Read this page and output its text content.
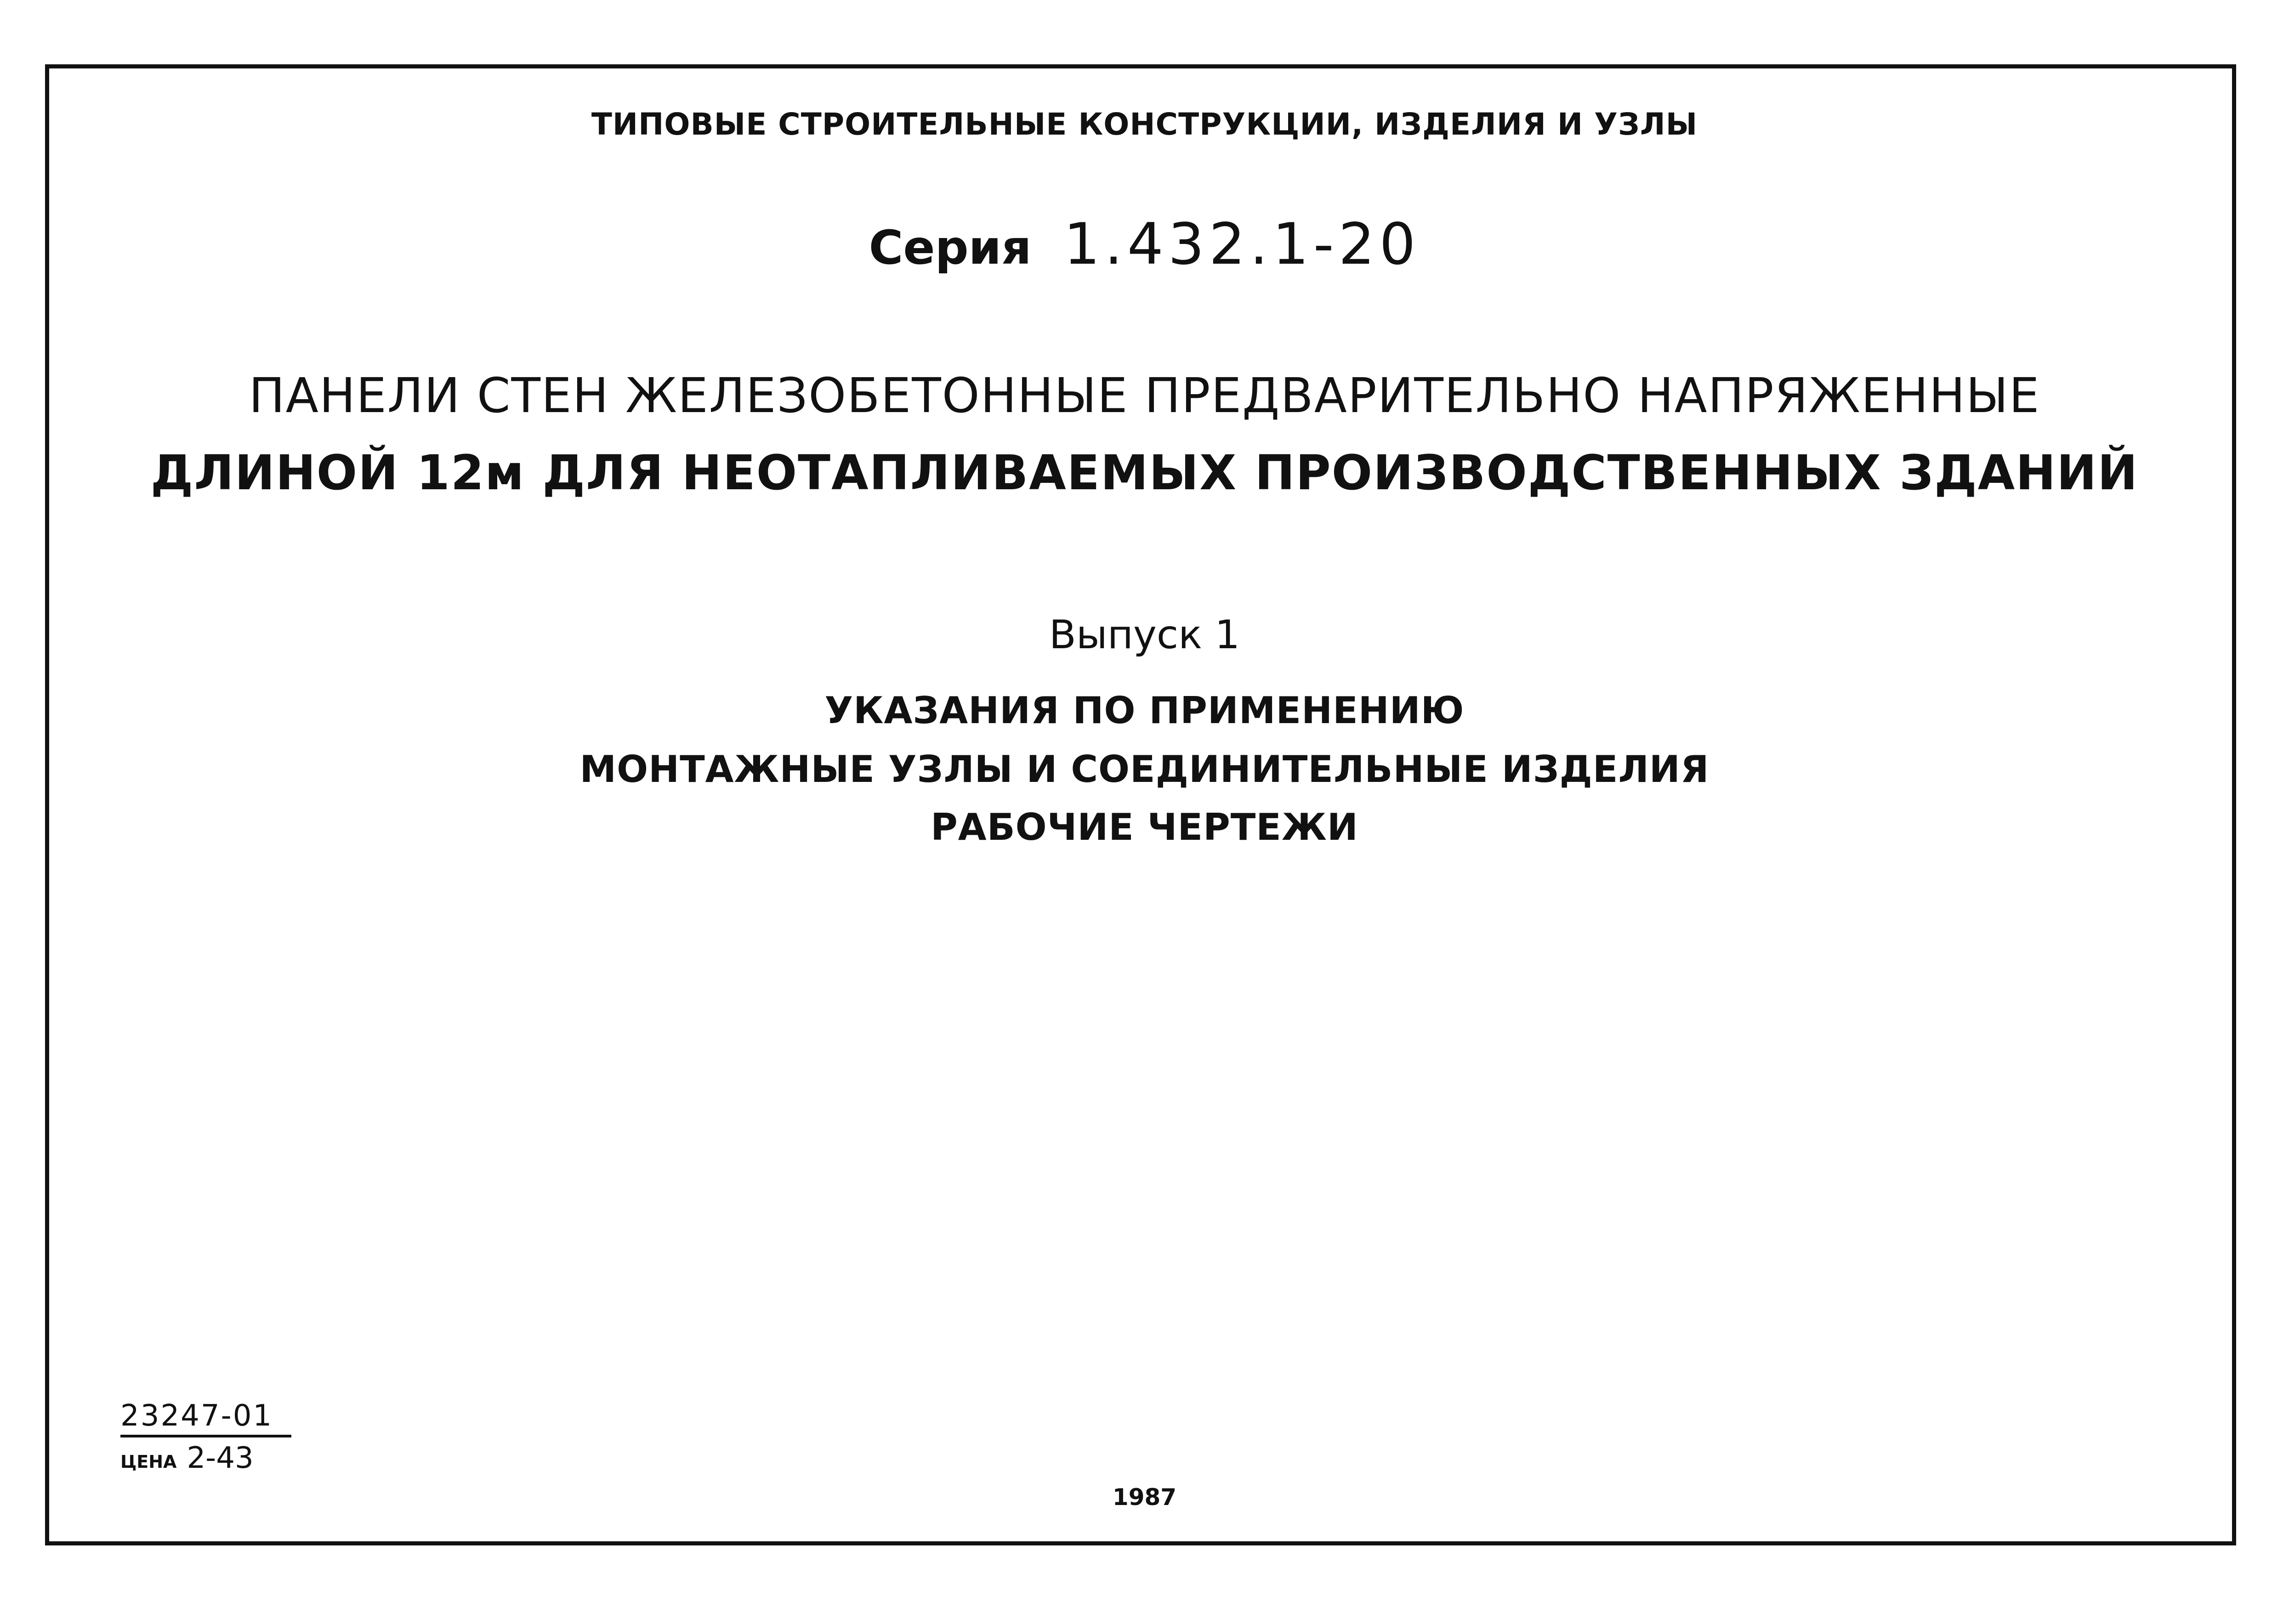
ТИПОВЫЕ СТРОИТЕЛЬНЫЕ КОНСТРУКЦИИ, ИЗДЕЛИЯ И УЗЛЫ

Серия 1.432.1-20

ПАНЕЛИ СТЕН ЖЕЛЕЗОБЕТОННЫЕ ПРЕДВАРИТЕЛЬНО НАПРЯЖЕННЫЕ

ДЛИНОЙ 12м ДЛЯ НЕОТАПЛИВАЕМЫХ ПРОИЗВОДСТВЕННЫХ ЗДАНИЙ

Выпуск 1

УКАЗАНИЯ ПО ПРИМЕНЕНИЮ

МОНТАЖНЫЕ УЗЛЫ И СОЕДИНИТЕЛЬНЫЕ ИЗДЕЛИЯ

РАБОЧИЕ ЧЕРТЕЖИ

23247-01
ЦЕНА 2-43

1987
